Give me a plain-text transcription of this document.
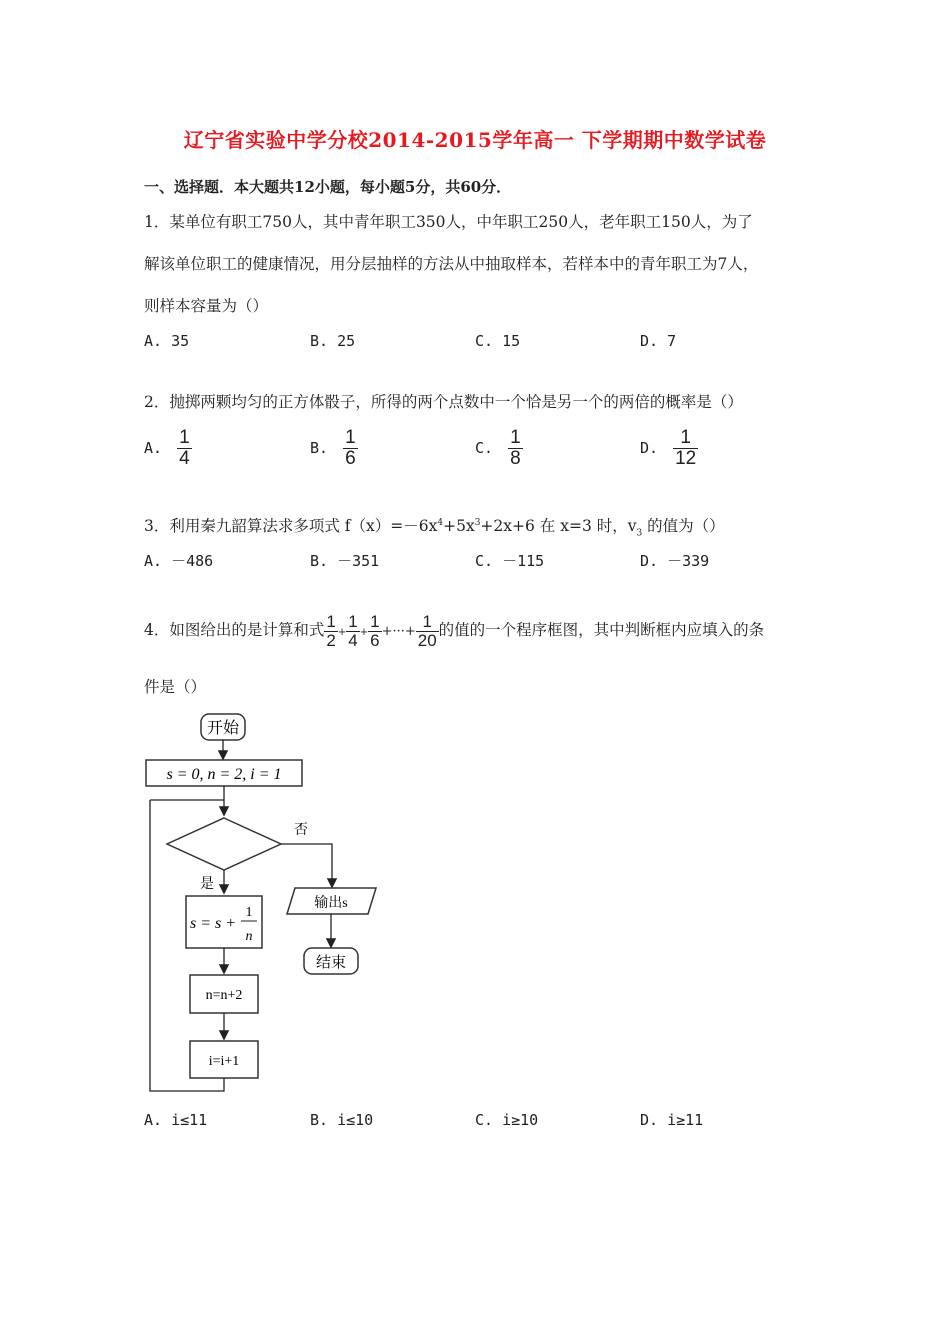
辽宁省实验中学分校2014-2015学年高一 下学期期中数学试卷
一、选择题．本大题共12小题，每小题5分，共60分．
1．某单位有职工750人，其中青年职工350人，中年职工250人，老年职工150人，为了
解该单位职工的健康情况，用分层抽样的方法从中抽取样本，若样本中的青年职工为7人，
则样本容量为（）
A. 35	B. 25	C. 15	D. 7
2．抛掷两颗均匀的正方体骰子，所得的两个点数中一个恰是另一个的两倍的概率是（）
A. $\frac{1}{4}$	B. $\frac{1}{6}$	C. $\frac{1}{8}$	D. $\frac{1}{12}$
3．利用秦九韶算法求多项式 $f(x)=-6x^4+5x^3+2x+6$ 在 x=3 时，$v_3$ 的值为（）
A. －486	B. －351	C. －115	D. －339
4．如图给出的是计算和式 $\frac{1}{2} + \frac{1}{4} + \frac{1}{6}$ +···+ $\frac{1}{20}$ 的值的一个程序框图，其中判断框内应填入的条
件是（）
开始
s = 0, n = 2, i = 1
否
是
s = s +
1
n
n=n+2
i=i+1
输出s
结束
A. i≤11	B. i≤10	C. i≥10	D. i≥11
